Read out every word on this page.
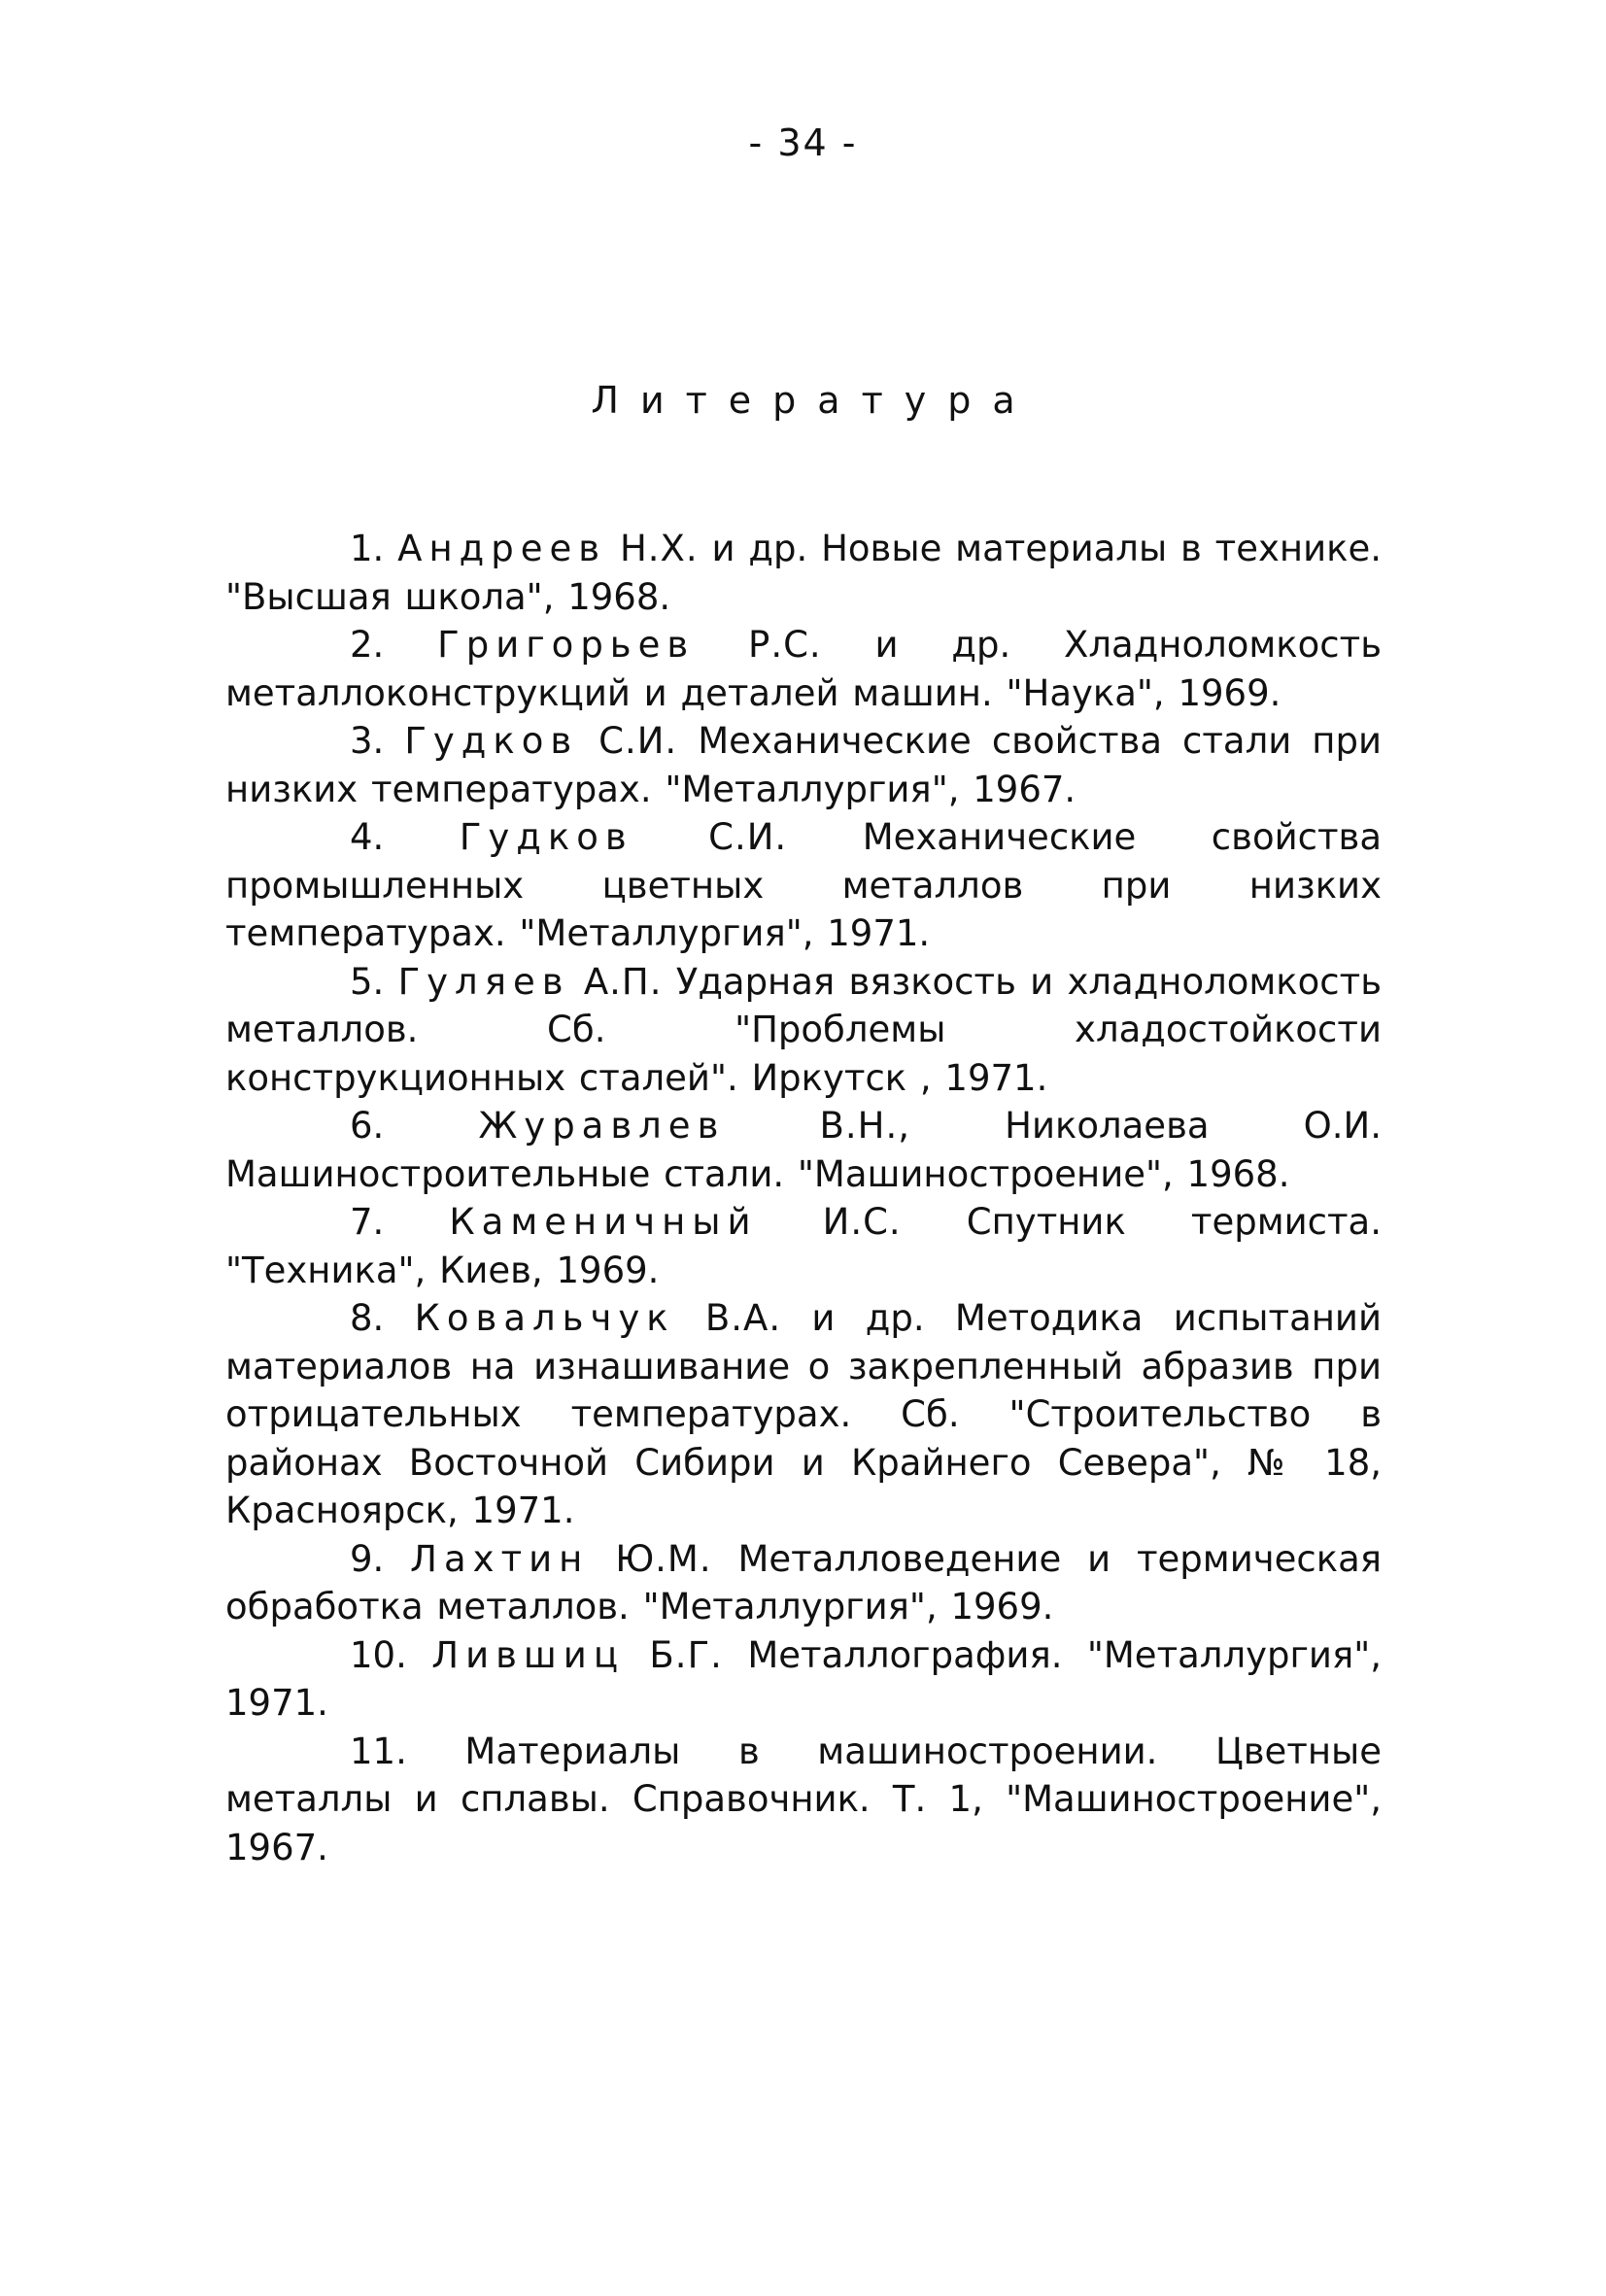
- 34 -
Литература
1. Андреев Н.Х. и др. Новые материалы в технике. "Высшая школа", 1968.
2. Григорьев Р.С. и др. Хладноломкость металлоконструкций и деталей машин. "Наука", 1969.
3. Гудков С.И. Механические свойства стали при низких температурах. "Металлургия", 1967.
4. Гудков С.И. Механические свойства промышленных цветных металлов при низких температурах. "Металлургия", 1971.
5. Гуляев А.П. Ударная вязкость и хладноломкость металлов. Сб. "Проблемы хладостойкости конструкционных сталей". Иркутск , 1971.
6.	Журавлев	В.Н.,	Николаева О.И. Машиностроительные стали. "Машиностроение", 1968.
7. Каменичный И.С. Спутник термиста. "Техника", Киев, 1969.
8. Ковальчук В.А. и др. Методика испытаний материалов на изнашивание о закрепленный абразив при отрицательных температурах. Сб. "Строительство в районах Восточной Сибири и Крайнего Севера", № 18, Красноярск, 1971.
9. Лахтин Ю.М. Металловедение и термическая обработка металлов. "Металлургия", 1969.
10. Лившиц Б.Г. Металлография. "Металлургия", 1971.
11. Материалы в машиностроении. Цветные металлы и сплавы. Справочник. Т. 1, "Машиностроение", 1967.
